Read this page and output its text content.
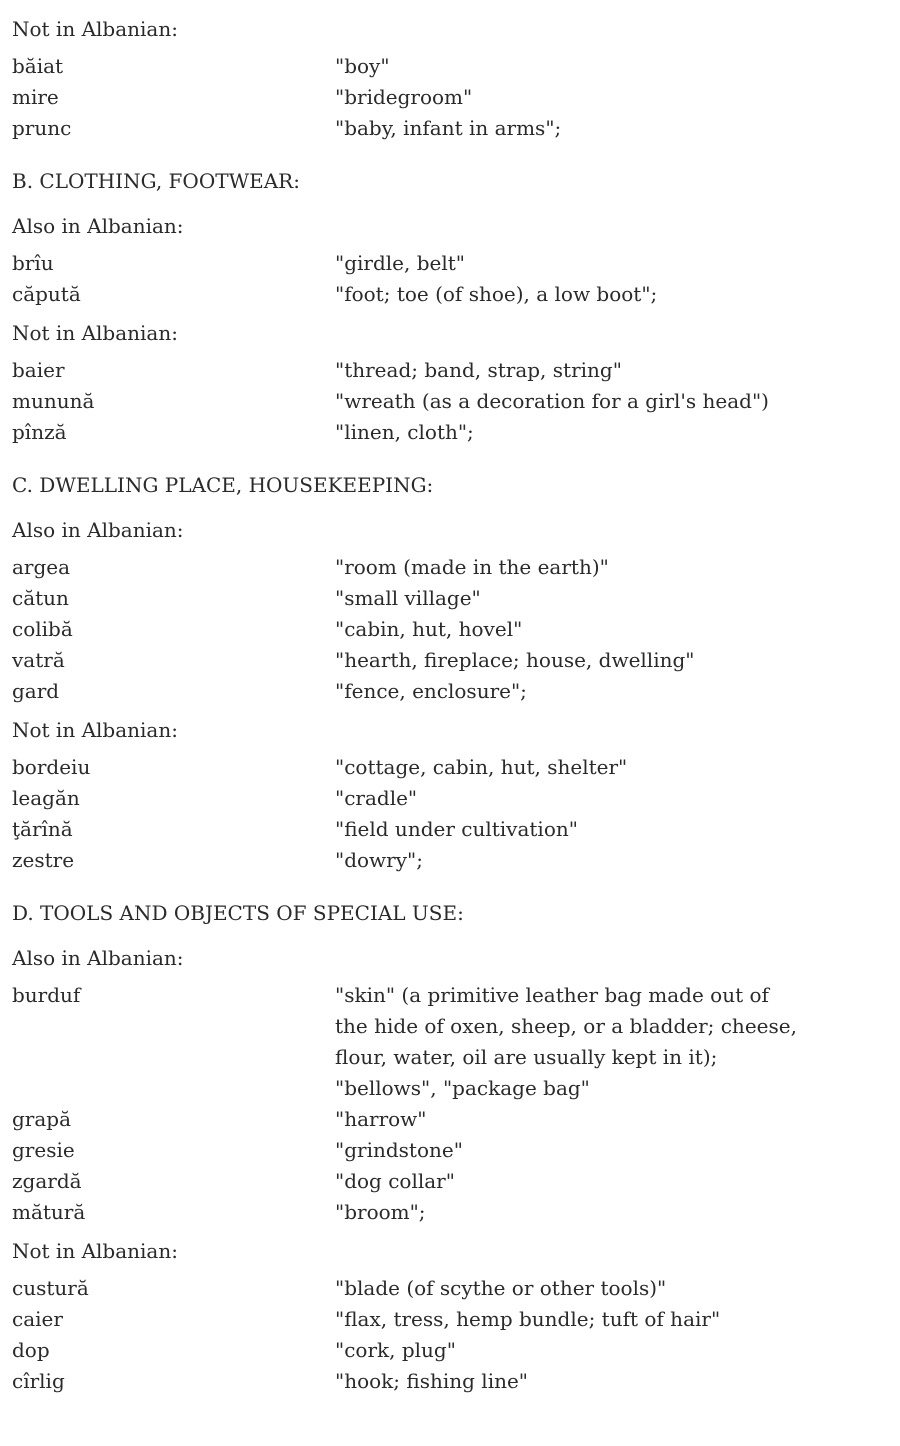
Not in Albanian:
băiat	"boy"
mire	"bridegroom"
prunc	"baby, infant in arms";
B. CLOTHING, FOOTWEAR:
Also in Albanian:
brîu	"girdle, belt"
căpută	"foot; toe (of shoe), a low boot";
Not in Albanian:
baier	"thread; band, strap, string"
munună	"wreath (as a decoration for a girl's head")
pînză	"linen, cloth";
C. DWELLING PLACE, HOUSEKEEPING:
Also in Albanian:
argea	"room (made in the earth)"
cătun	"small village"
colibă	"cabin, hut, hovel"
vatră	"hearth, fireplace; house, dwelling"
gard	"fence, enclosure";
Not in Albanian:
bordeiu	"cottage, cabin, hut, shelter"
leagăn	"cradle"
ţărînă	"field under cultivation"
zestre	"dowry";
D. TOOLS AND OBJECTS OF SPECIAL USE:
Also in Albanian:
burduf	"skin" (a primitive leather bag made out of
the hide of oxen, sheep, or a bladder; cheese,
flour, water, oil are usually kept in it);
"bellows", "package bag"
grapă	"harrow"
gresie	"grindstone"
zgardă	"dog collar"
mătură	"broom";
Not in Albanian:
custură	"blade (of scythe or other tools)"
caier	"flax, tress, hemp bundle; tuft of hair"
dop	"cork, plug"
cîrlig	"hook; fishing line"
